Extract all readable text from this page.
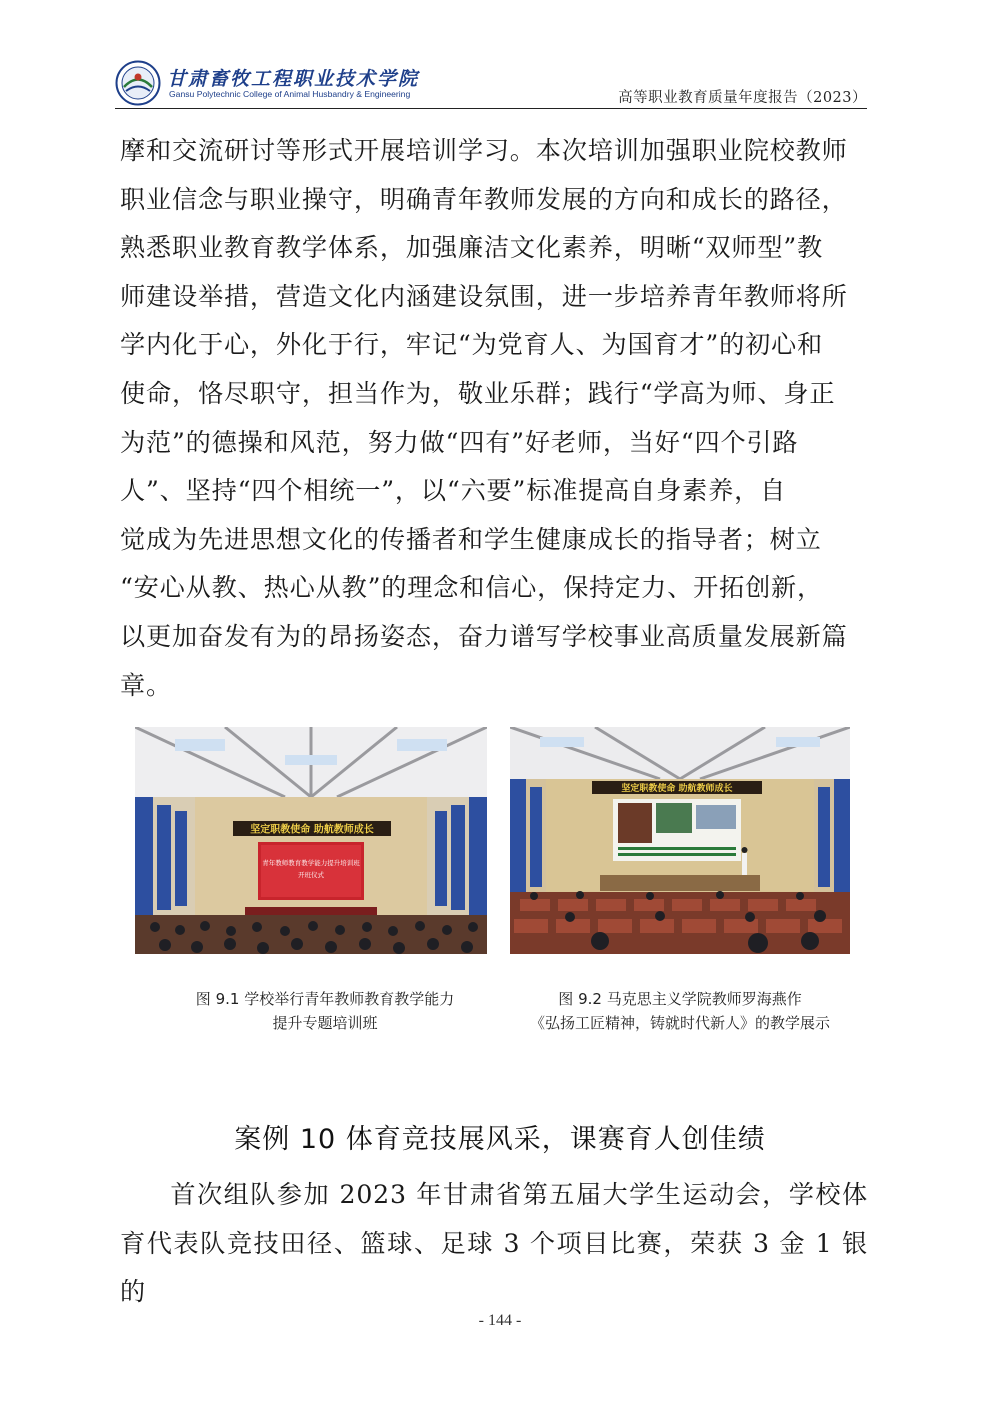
甘肃畜牧工程职业技术学院
Gansu Polytechnic College of Animal Husbandry & Engineering	高等职业教育质量年度报告（2023）

摩和交流研讨等形式开展培训学习。本次培训加强职业院校教师

职业信念与职业操守，明确青年教师发展的方向和成长的路径，

熟悉职业教育教学体系，加强廉洁文化素养，明晰“双师型”教

师建设举措，营造文化内涵建设氛围，进一步培养青年教师将所

学内化于心，外化于行，牢记“为党育人、为国育才”的初心和

使命，恪尽职守，担当作为，敬业乐群；践行“学高为师、身正

为范”的德操和风范，努力做“四有”好老师，当好“四个引路

人”、坚持“四个相统一”，以“六要”标准提高自身素养，自

觉成为先进思想文化的传播者和学生健康成长的指导者；树立

“安心从教、热心从教”的理念和信心，保持定力、开拓创新，

以更加奋发有为的昂扬姿态，奋力谱写学校事业高质量发展新篇

章。

坚定职教使命 助航教师成长
青年教师教育教学能力提升培训班
开班仪式
坚定职教使命 助航教师成长
图 9.1 学校举行青年教师教育教学能力
提升专题培训班
图 9.2 马克思主义学院教师罗海燕作
《弘扬工匠精神，铸就时代新人》的教学展示
案例 10 体育竞技展风采，课赛育人创佳绩

首次组队参加 2023 年甘肃省第五届大学生运动会，学校体育代表队竞技田径、篮球、足球 3 个项目比赛，荣获 3 金 1 银的

- 144 -
